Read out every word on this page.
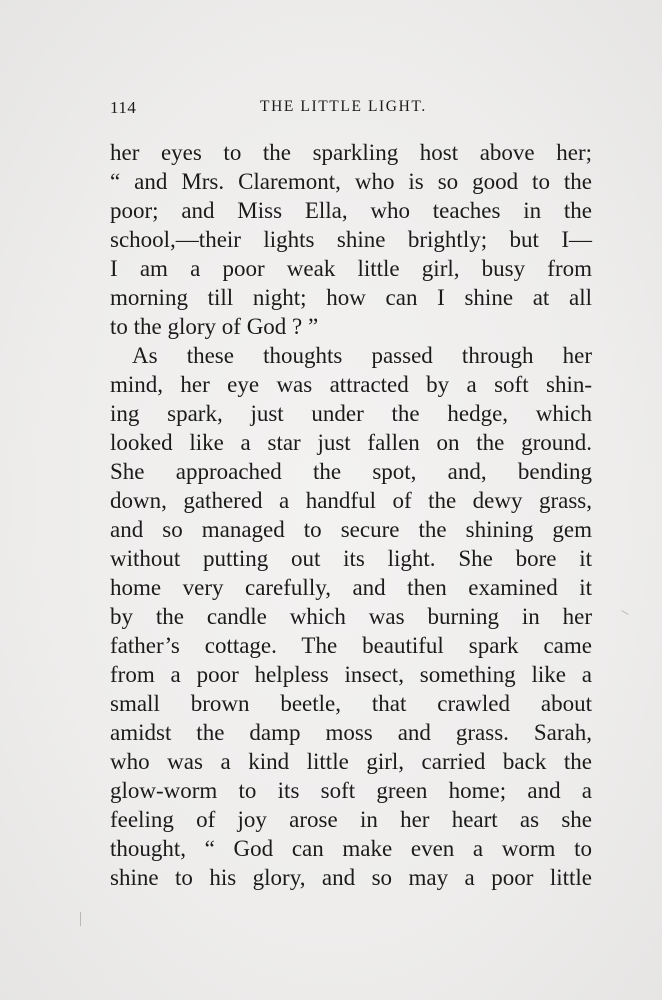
114	THE LITTLE LIGHT.
her eyes to the sparkling host above her;
“ and Mrs. Claremont, who is so good to the
poor; and Miss Ella, who teaches in the
school,—their lights shine brightly; but I—
I am a poor weak little girl, busy from
morning till night; how can I shine at all
to the glory of God ? ”
As these thoughts passed through her
mind, her eye was attracted by a soft shin-
ing spark, just under the hedge, which
looked like a star just fallen on the ground.
She approached the spot, and, bending
down, gathered a handful of the dewy grass,
and so managed to secure the shining gem
without putting out its light. She bore it
home very carefully, and then examined it
by the candle which was burning in her
father’s cottage. The beautiful spark came
from a poor helpless insect, something like a
small brown beetle, that crawled about
amidst the damp moss and grass. Sarah,
who was a kind little girl, carried back the
glow-worm to its soft green home; and a
feeling of joy arose in her heart as she
thought, “ God can make even a worm to
shine to his glory, and so may a poor little
